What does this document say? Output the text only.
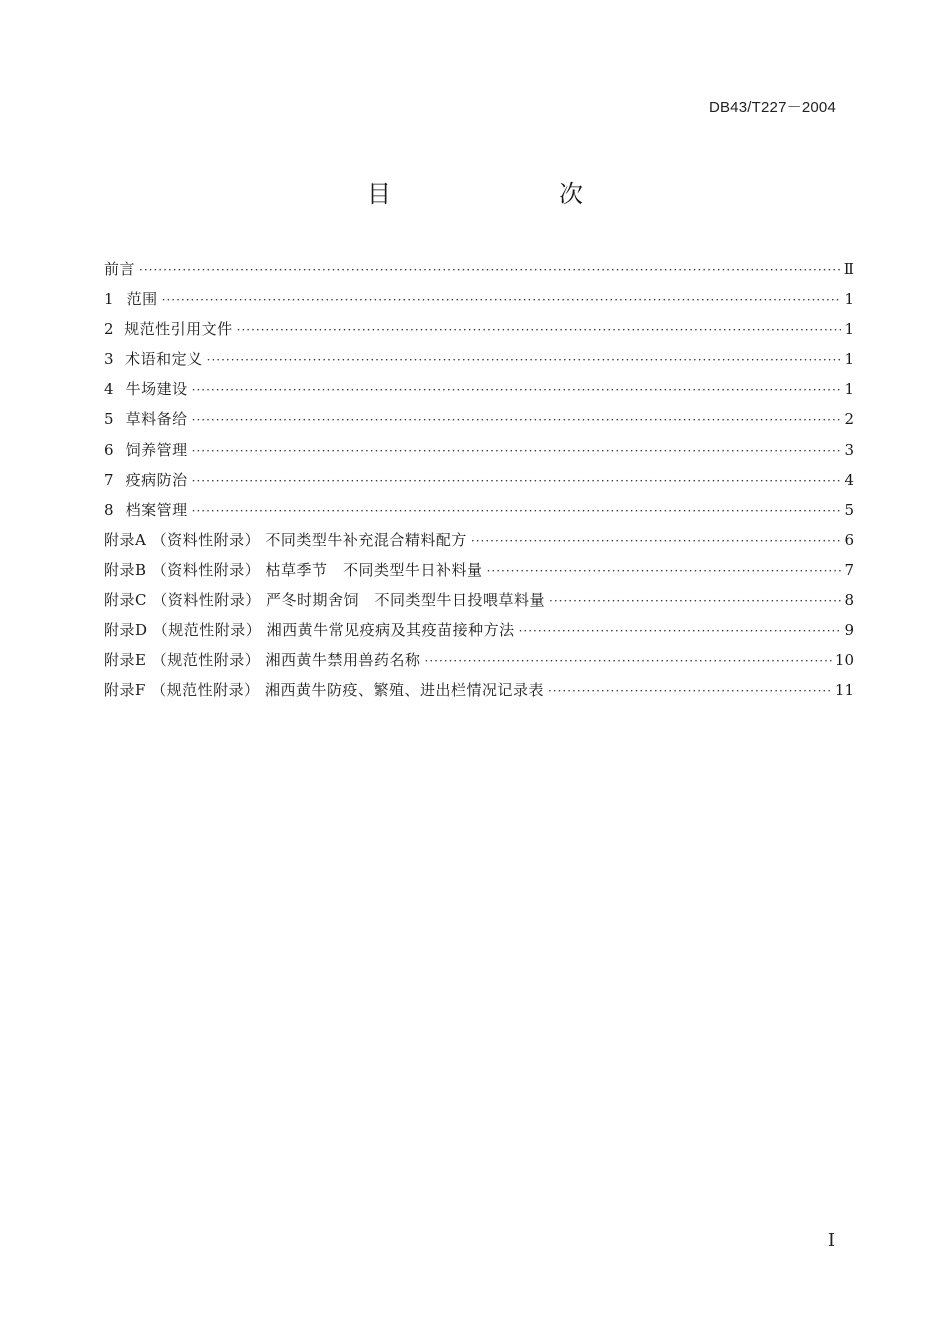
DB43/T227－2004
目　次
前言 ·····	Ⅱ
1 范围 ·····	1
2 规范性引用文件 ·····	1
3 术语和定义 ·····	1
4 牛场建设 ·····	1
5 草料备给 ·····	2
6 饲养管理 ·····	3
7 疫病防治 ·····	4
8 档案管理 ·····	5
附录A （资料性附录） 不同类型牛补充混合精料配方 ·····	6
附录B （资料性附录） 枯草季节　不同类型牛日补料量 ·····	7
附录C （资料性附录） 严冬时期舍饲　不同类型牛日投喂草料量 ·····	8
附录D （规范性附录） 湘西黄牛常见疫病及其疫苗接种方法 ·····	9
附录E （规范性附录） 湘西黄牛禁用兽药名称 ·····	10
附录F （规范性附录） 湘西黄牛防疫、繁殖、进出栏情况记录表 ·····	11
I
